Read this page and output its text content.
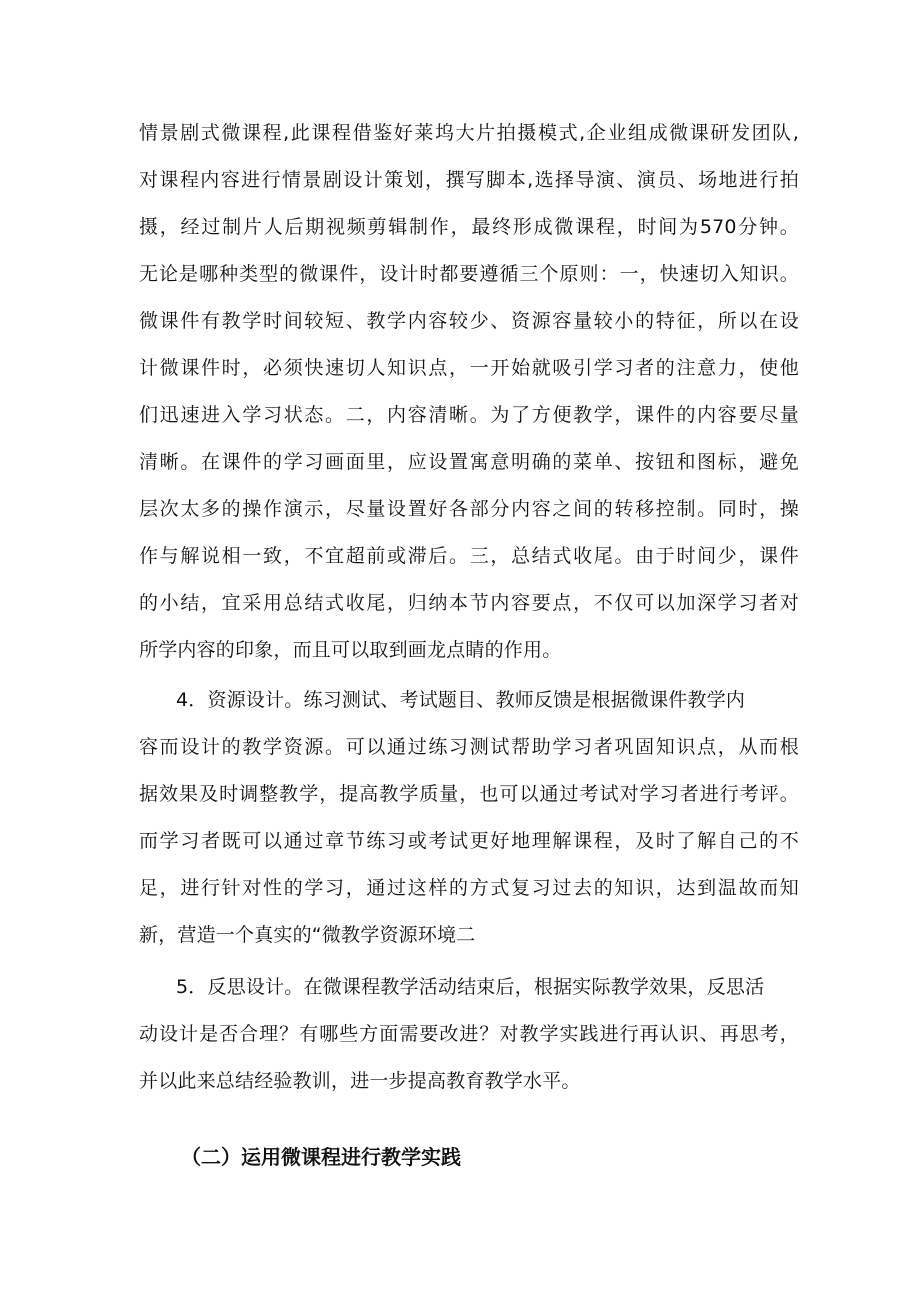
情景剧式微课程,此课程借鉴好莱坞大片拍摄模式,企业组成微课研发团队,
对课程内容进行情景剧设计策划，撰写脚本,选择导演、演员、场地进行拍
摄，经过制片人后期视频剪辑制作，最终形成微课程，时间为570分钟。
无论是哪种类型的微课件，设计时都要遵循三个原则：一，快速切入知识。
微课件有教学时间较短、教学内容较少、资源容量较小的特征，所以在设
计微课件时，必须快速切人知识点，一开始就吸引学习者的注意力，使他
们迅速进入学习状态。二，内容清晰。为了方便教学，课件的内容要尽量
清晰。在课件的学习画面里，应设置寓意明确的菜单、按钮和图标，避免
层次太多的操作演示，尽量设置好各部分内容之间的转移控制。同时，操
作与解说相一致，不宜超前或滞后。三，总结式收尾。由于时间少，课件
的小结，宜采用总结式收尾，归纳本节内容要点，不仅可以加深学习者对
所学内容的印象，而且可以取到画龙点睛的作用。
4．资源设计。练习测试、考试题目、教师反馈是根据微课件教学内
容而设计的教学资源。可以通过练习测试帮助学习者巩固知识点，从而根
据效果及时调整教学，提高教学质量，也可以通过考试对学习者进行考评。
而学习者既可以通过章节练习或考试更好地理解课程，及时了解自己的不
足，进行针对性的学习，通过这样的方式复习过去的知识，达到温故而知
新，营造一个真实的“微教学资源环境二
5．反思设计。在微课程教学活动结束后，根据实际教学效果，反思活
动设计是否合理？有哪些方面需要改进？对教学实践进行再认识、再思考，
并以此来总结经验教训，进一步提高教育教学水平。
（二）运用微课程进行教学实践
